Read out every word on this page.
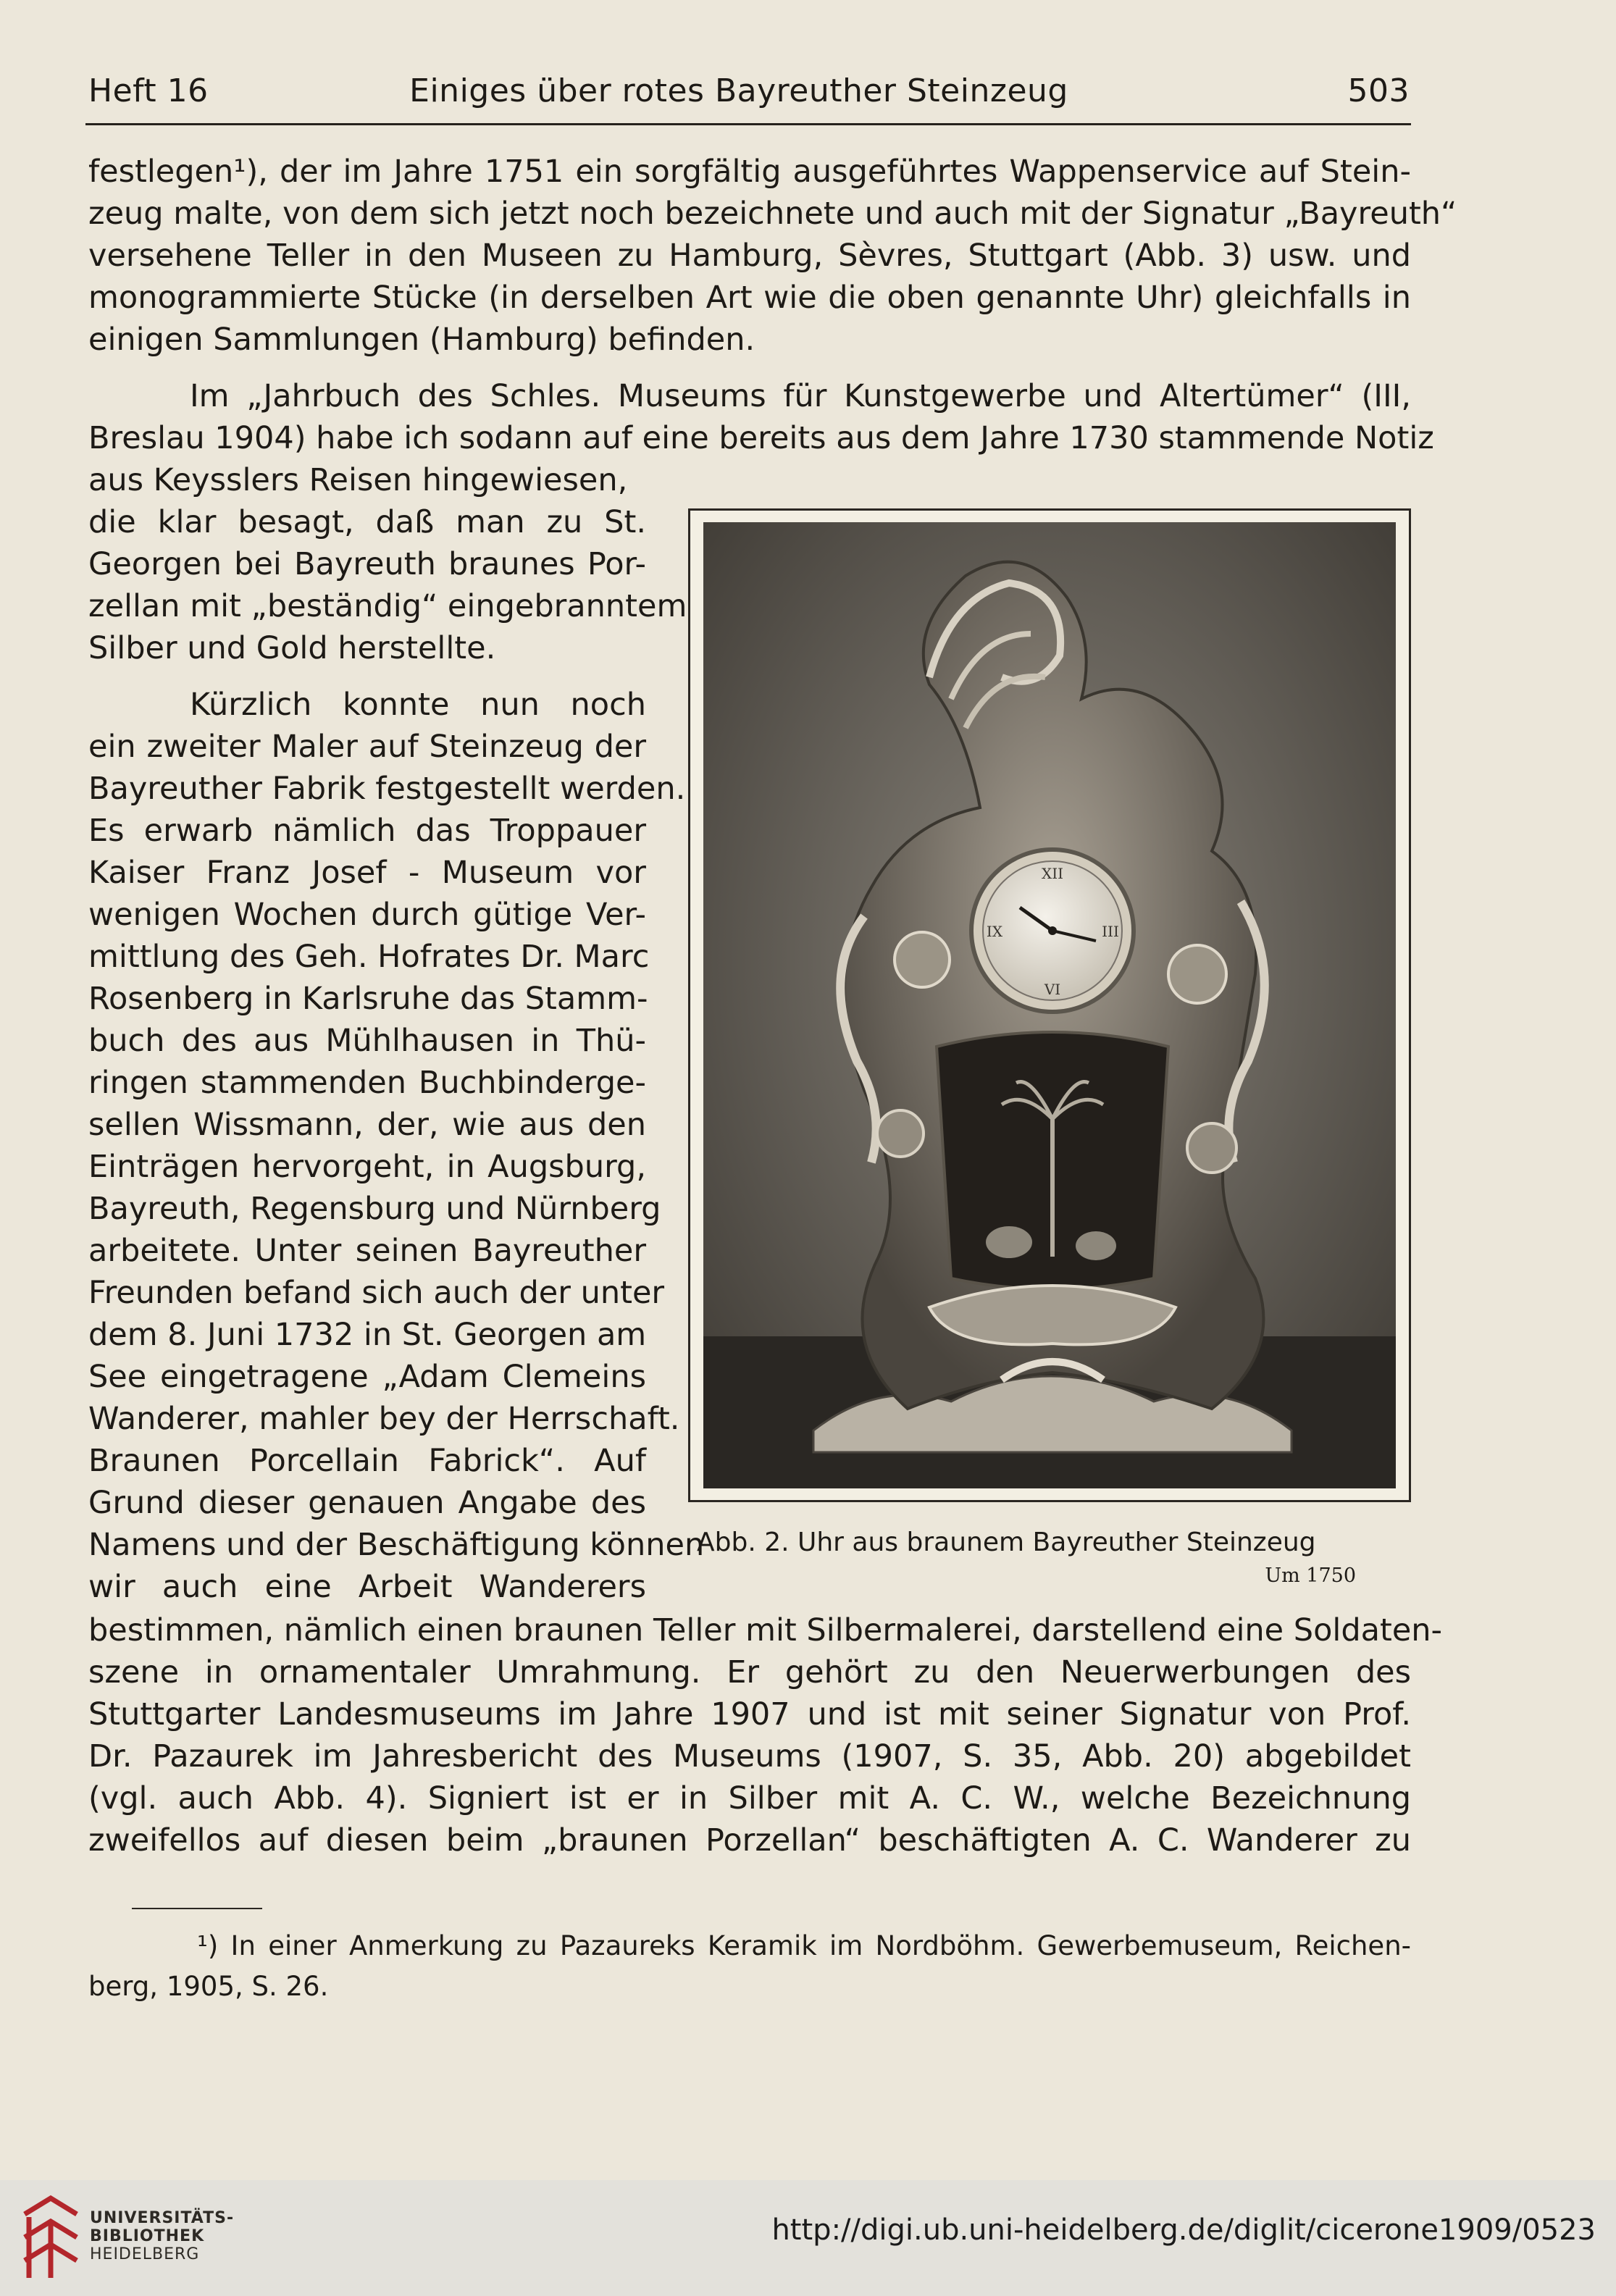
Heft 16	Einiges über rotes Bayreuther Steinzeug	503
festlegen¹), der im Jahre 1751 ein sorgfältig ausgeführtes Wappenservice auf Stein-
zeug malte, von dem sich jetzt noch bezeichnete und auch mit der Signatur „Bayreuth“
versehene Teller in den Museen zu Hamburg, Sèvres, Stuttgart (Abb. 3) usw. und
monogrammierte Stücke (in derselben Art wie die oben genannte Uhr) gleichfalls in
einigen Sammlungen (Hamburg) befinden.
Im „Jahrbuch des Schles. Museums für Kunstgewerbe und Altertümer“ (III,
Breslau 1904) habe ich sodann auf eine bereits aus dem Jahre 1730 stammende Notiz
aus Keysslers Reisen hingewiesen,
die klar besagt, daß man zu St.
Georgen bei Bayreuth braunes Por-
zellan mit „beständig“ eingebranntem
Silber und Gold herstellte.
Kürzlich konnte nun noch
ein zweiter Maler auf Steinzeug der
Bayreuther Fabrik festgestellt werden.
Es erwarb nämlich das Troppauer
Kaiser Franz Josef - Museum vor
wenigen Wochen durch gütige Ver-
mittlung des Geh. Hofrates Dr. Marc
Rosenberg in Karlsruhe das Stamm-
buch des aus Mühlhausen in Thü-
ringen stammenden Buchbinderge-
sellen Wissmann, der, wie aus den
Einträgen hervorgeht, in Augsburg,
Bayreuth, Regensburg und Nürnberg
arbeitete. Unter seinen Bayreuther
Freunden befand sich auch der unter
dem 8. Juni 1732 in St. Georgen am
See eingetragene „Adam Clemeins
Wanderer, mahler bey der Herrschaft.
Braunen Porcellain Fabrick“. Auf
Grund dieser genauen Angabe des
Namens und der Beschäftigung können
wir auch eine Arbeit Wanderers
bestimmen, nämlich einen braunen Teller mit Silbermalerei, darstellend eine Soldaten-
szene in ornamentaler Umrahmung. Er gehört zu den Neuerwerbungen des
Stuttgarter Landesmuseums im Jahre 1907 und ist mit seiner Signatur von Prof.
Dr. Pazaurek im Jahresbericht des Museums (1907, S. 35, Abb. 20) abgebildet
(vgl. auch Abb. 4). Signiert ist er in Silber mit A. C. W., welche Bezeichnung
zweifellos auf diesen beim „braunen Porzellan“ beschäftigten A. C. Wanderer zu
XII
III
VI
IX
Abb. 2. Uhr aus braunem Bayreuther Steinzeug
Um 1750
¹) In einer Anmerkung zu Pazaureks Keramik im Nordböhm. Gewerbemuseum, Reichen-
berg, 1905, S. 26.
UNIVERSITÄTS-
BIBLIOTHEK
HEIDELBERG
http://digi.ub.uni-heidelberg.de/diglit/cicerone1909/0523
